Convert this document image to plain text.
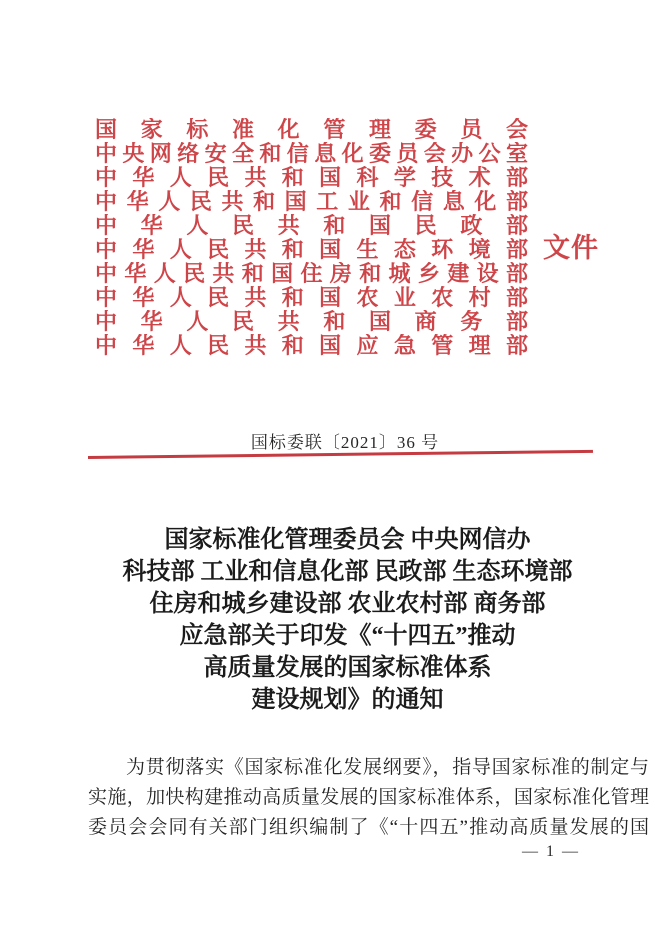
国家标准化管理委员会
中央网络安全和信息化委员会办公室
中华人民共和国科学技术部
中华人民共和国工业和信息化部
中华人民共和国民政部
中华人民共和国生态环境部
中华人民共和国住房和城乡建设部
中华人民共和国农业农村部
中华人民共和国商务部
中华人民共和国应急管理部
文件
国标委联〔2021〕36 号
国家标准化管理委员会 中央网信办
科技部 工业和信息化部 民政部 生态环境部
住房和城乡建设部 农业农村部 商务部
应急部关于印发《“十四五”推动
高质量发展的国家标准体系
建设规划》的通知
为贯彻落实《国家标准化发展纲要》，指导国家标准的制定与
实施，加快构建推动高质量发展的国家标准体系，国家标准化管理
委员会会同有关部门组织编制了《“十四五”推动高质量发展的国
— 1 —
